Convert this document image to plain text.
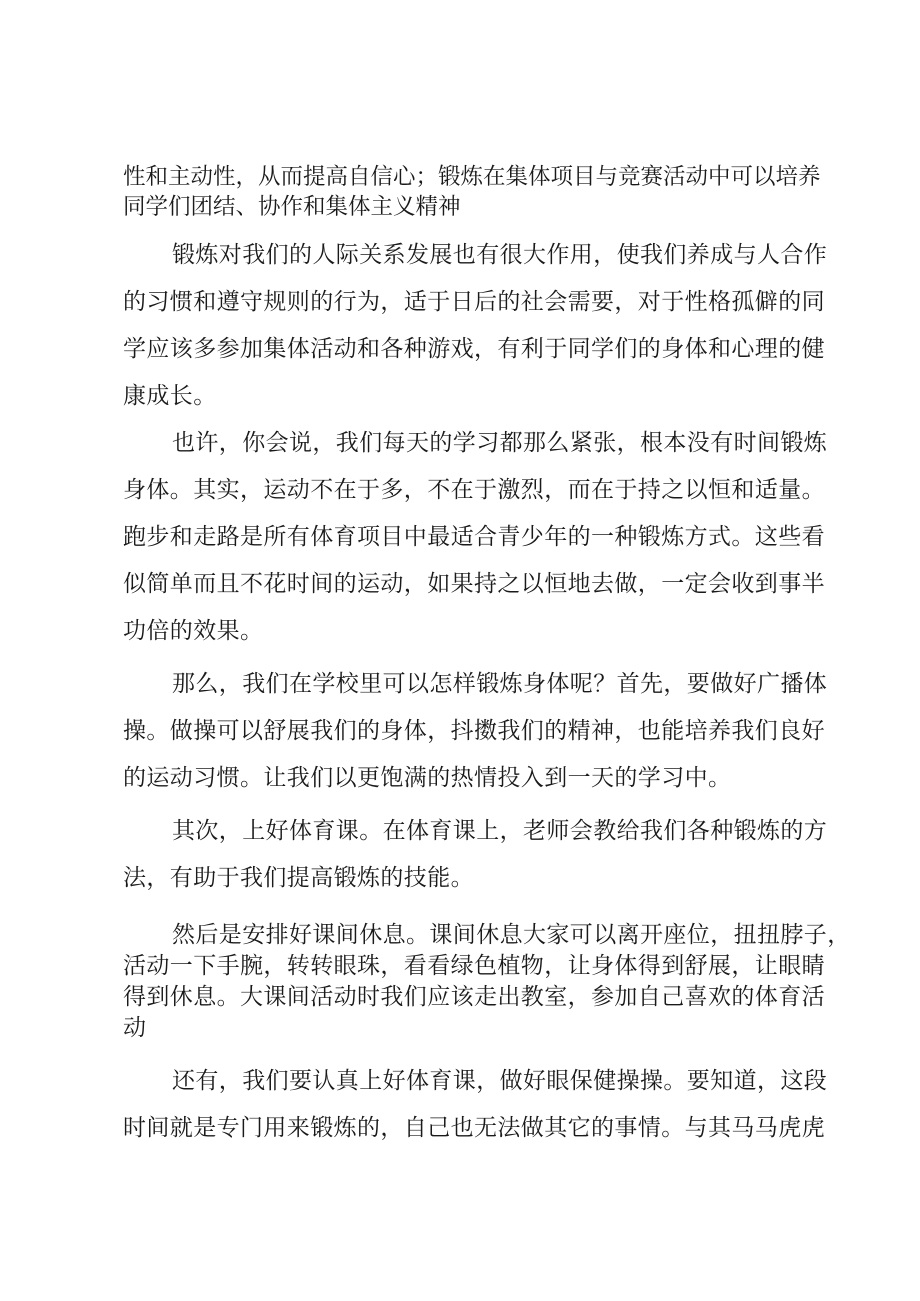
性和主动性，从而提高自信心；锻炼在集体项目与竞赛活动中可以培养
同学们团结、协作和集体主义精神
锻炼对我们的人际关系发展也有很大作用，使我们养成与人合作
的习惯和遵守规则的行为，适于日后的社会需要，对于性格孤僻的同
学应该多参加集体活动和各种游戏，有利于同学们的身体和心理的健
康成长。
也许，你会说，我们每天的学习都那么紧张，根本没有时间锻炼
身体。其实，运动不在于多，不在于激烈，而在于持之以恒和适量。
跑步和走路是所有体育项目中最适合青少年的一种锻炼方式。这些看
似简单而且不花时间的运动，如果持之以恒地去做，一定会收到事半
功倍的效果。
那么，我们在学校里可以怎样锻炼身体呢？首先，要做好广播体
操。做操可以舒展我们的身体，抖擞我们的精神，也能培养我们良好
的运动习惯。让我们以更饱满的热情投入到一天的学习中。
其次，上好体育课。在体育课上，老师会教给我们各种锻炼的方
法，有助于我们提高锻炼的技能。
然后是安排好课间休息。课间休息大家可以离开座位，扭扭脖子，
活动一下手腕，转转眼珠，看看绿色植物，让身体得到舒展，让眼睛
得到休息。大课间活动时我们应该走出教室，参加自己喜欢的体育活
动
还有，我们要认真上好体育课，做好眼保健操操。要知道，这段
时间就是专门用来锻炼的，自己也无法做其它的事情。与其马马虎虎
